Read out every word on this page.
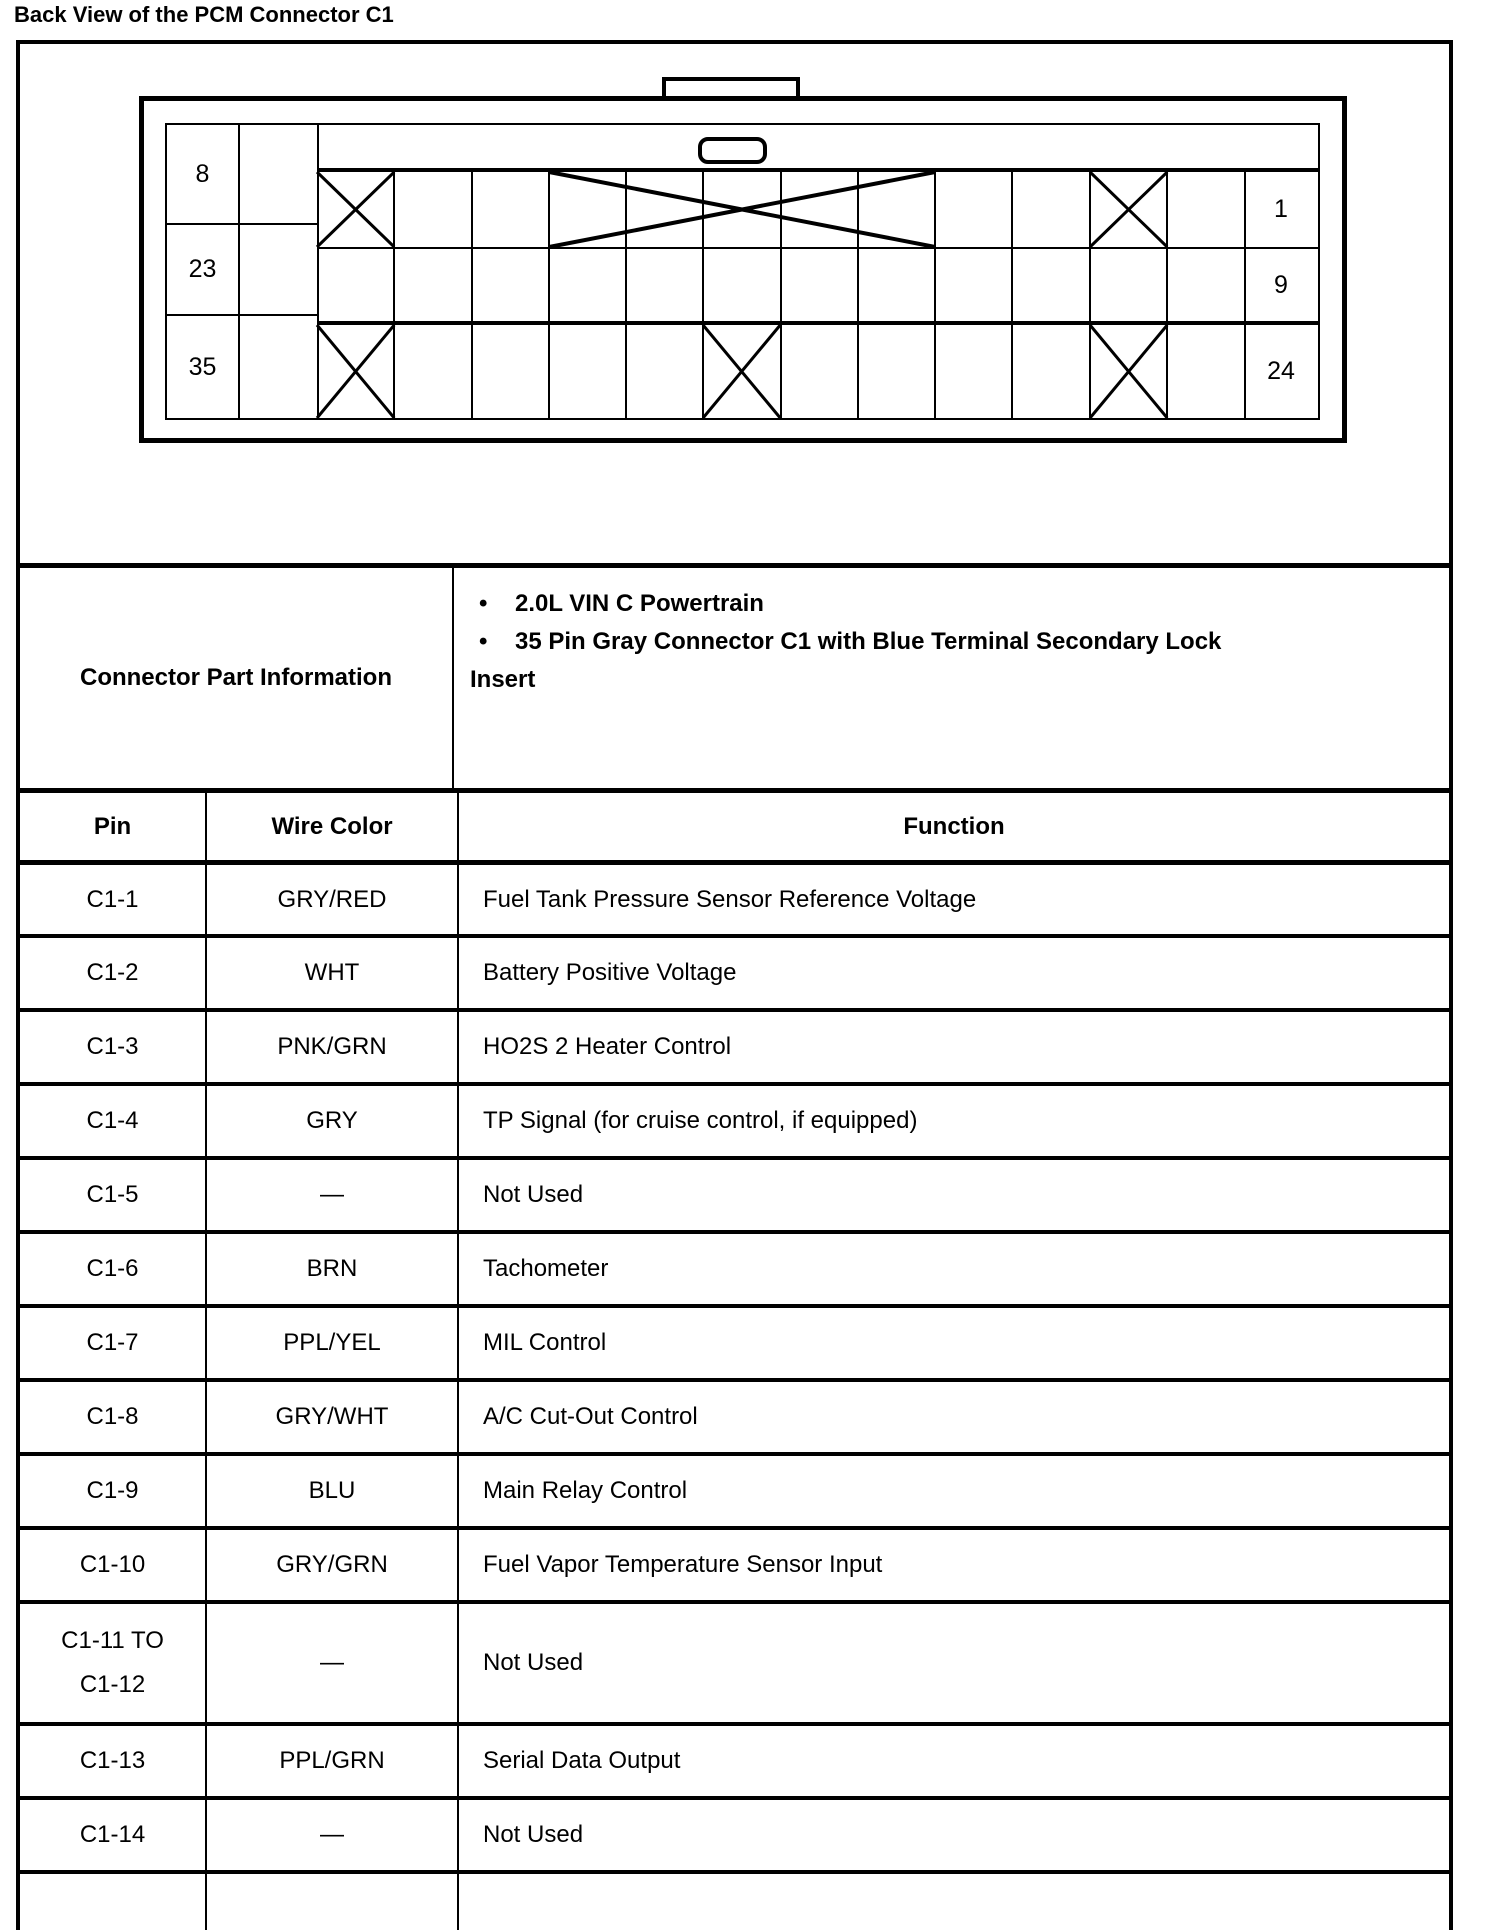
Back View of the PCM Connector C1
8
23
35
1
9
24
Connector Part Information
•	2.0L VIN C Powertrain
•	35 Pin Gray Connector C1 with Blue Terminal Secondary Lock
Insert
Pin	Wire Color	Function
C1-1	GRY/RED	Fuel Tank Pressure Sensor Reference Voltage
C1-2	WHT	Battery Positive Voltage
C1-3	PNK/GRN	HO2S 2 Heater Control
C1-4	GRY	TP Signal (for cruise control, if equipped)
C1-5	—	Not Used
C1-6	BRN	Tachometer
C1-7	PPL/YEL	MIL Control
C1-8	GRY/WHT	A/C Cut-Out Control
C1-9	BLU	Main Relay Control
C1-10	GRY/GRN	Fuel Vapor Temperature Sensor Input
C1-11 TO
C1-12
—	Not Used
C1-13	PPL/GRN	Serial Data Output
C1-14	—	Not Used
